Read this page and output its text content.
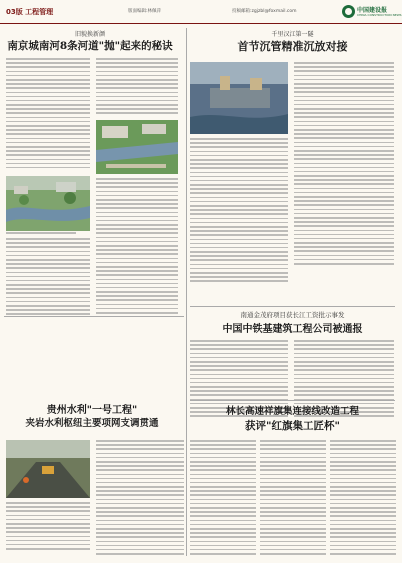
03版 工程管理	版面编辑:林佩萍	投稿邮箱:zgjzbl@foxmail.com	中国建设报
CHINA CONSTRUCTION NEWS
旧貌换新颜
南京城南河8条河道"抛"起来的秘诀
千里汉江第一隧
首节沉管精准沉放对接
南通金茂府项目获长江工资批示事发
中国中铁基建筑工程公司被通报
贵州水利"一号工程"
夹岩水利枢纽主要项网支调贯通
林长高速祥旗集连接线改造工程
获评"红旗集工匠杯"
